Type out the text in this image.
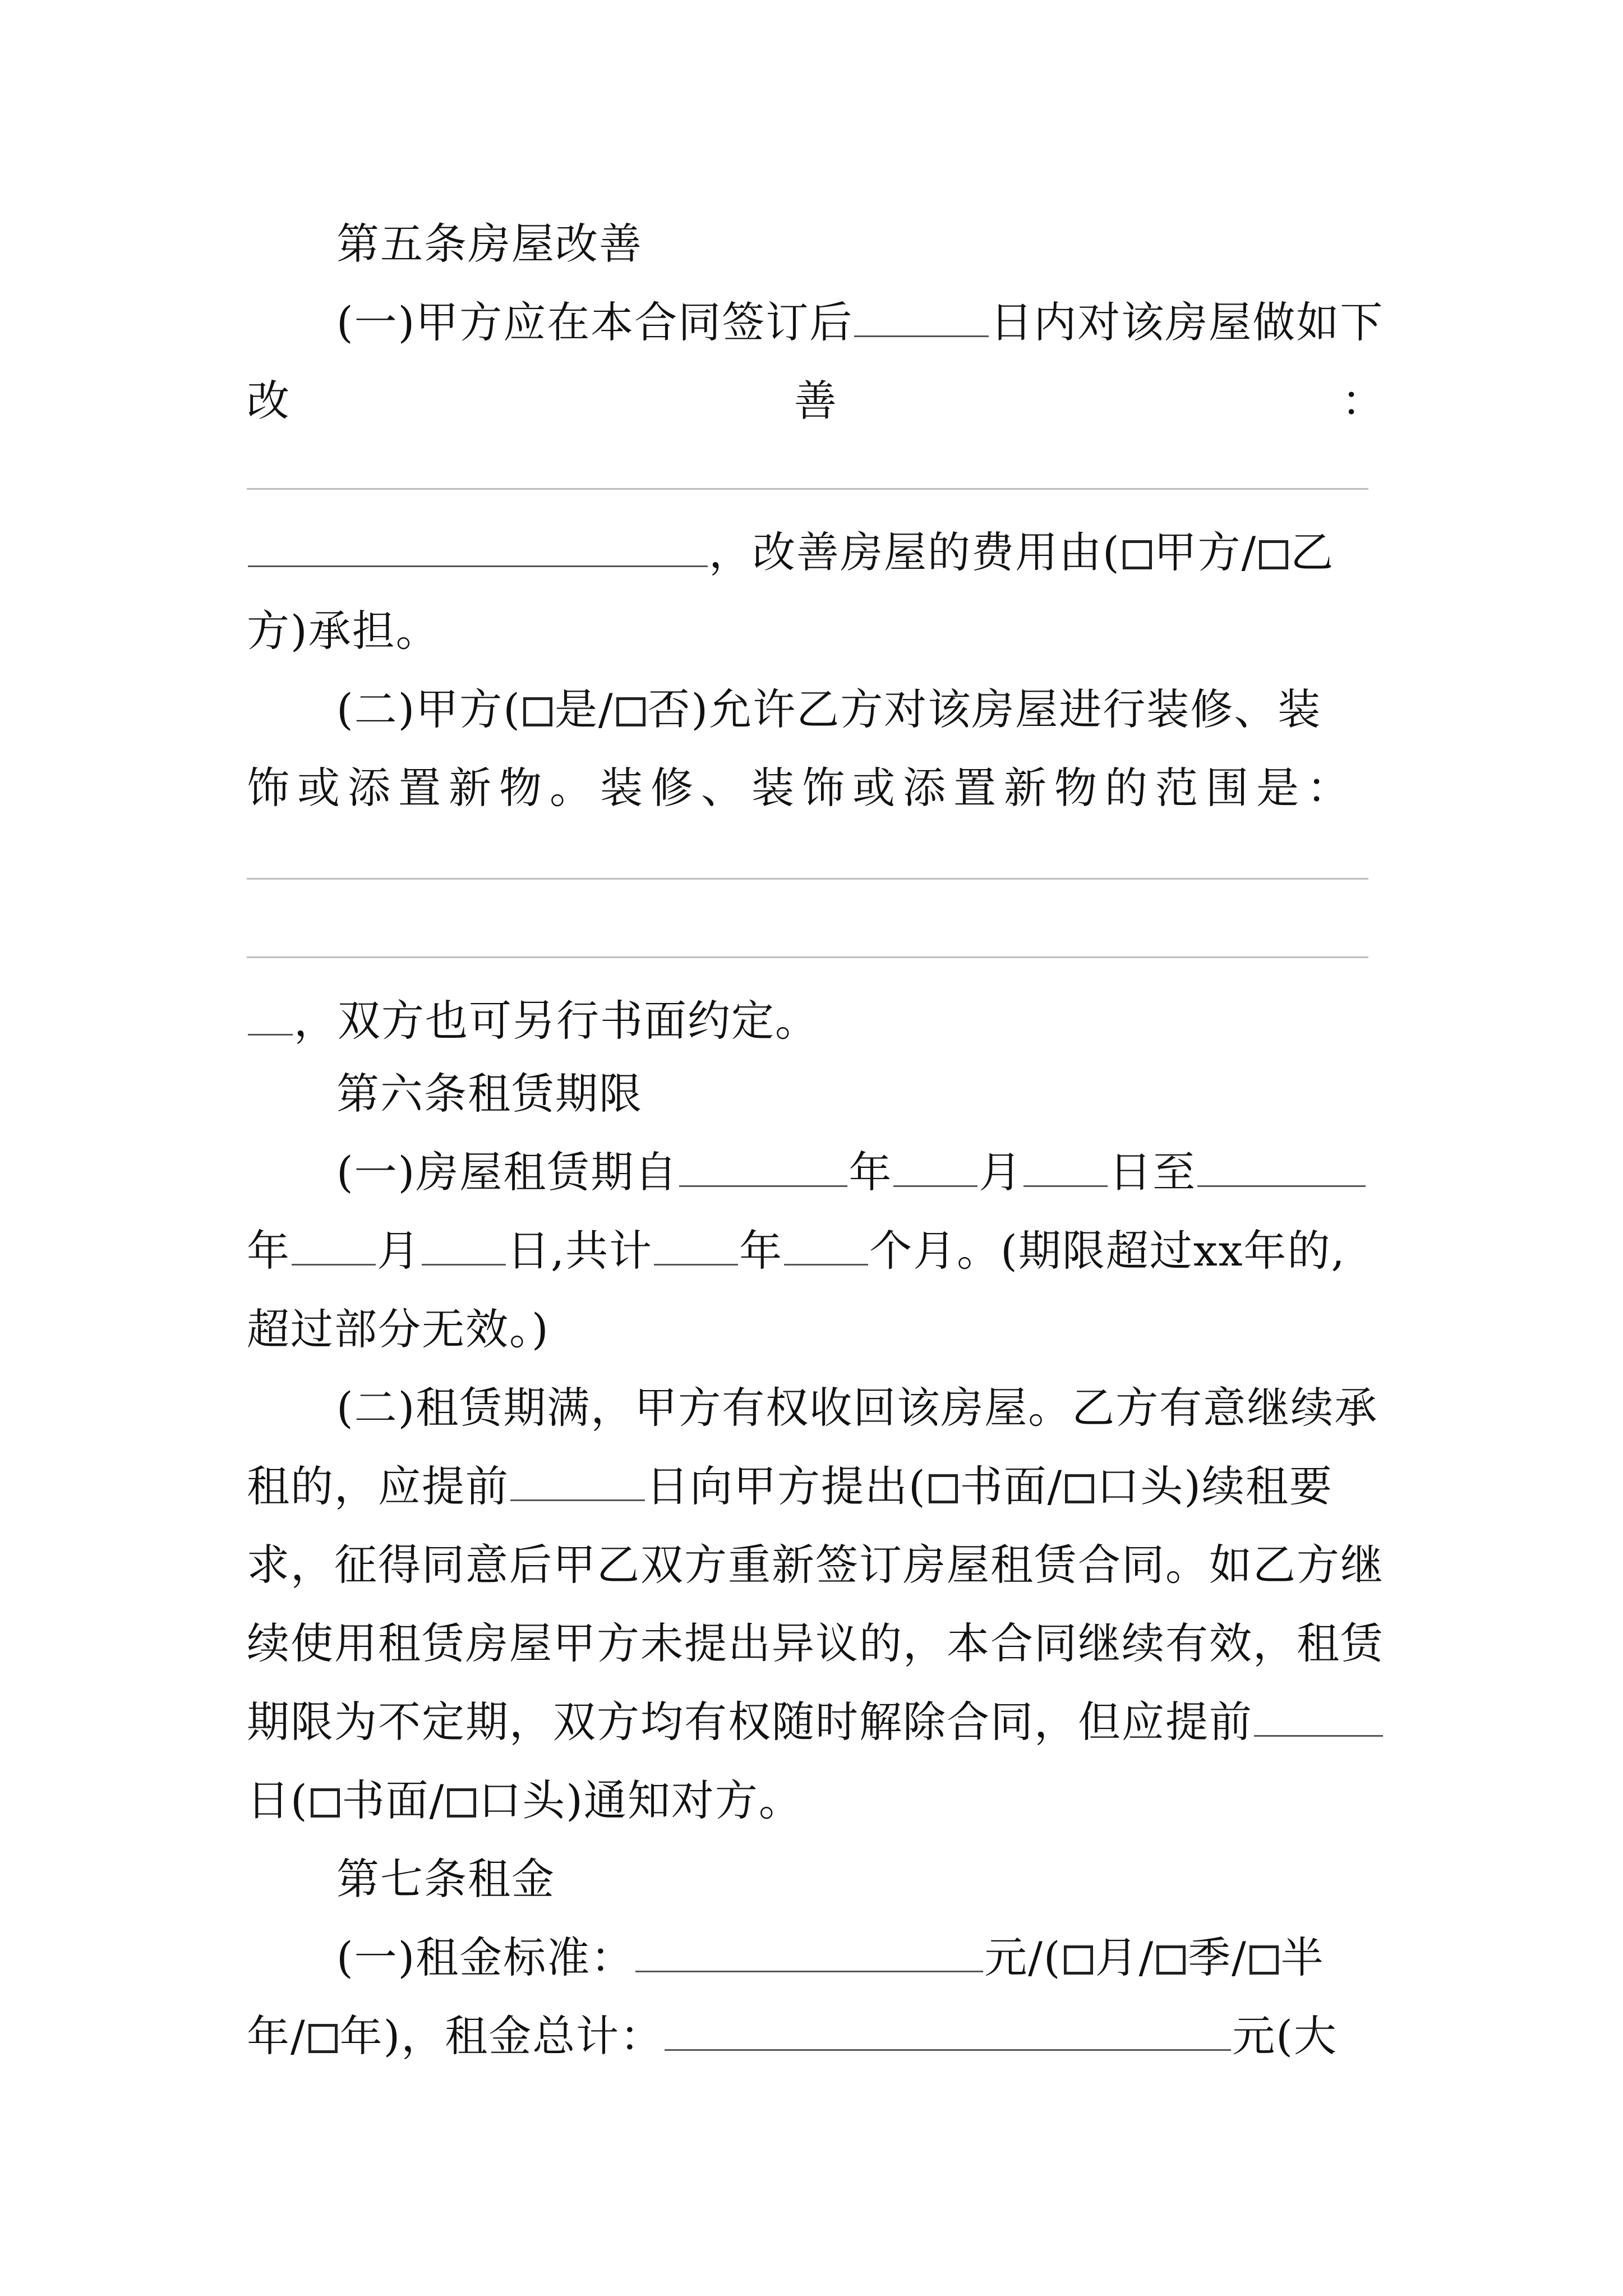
第五条房屋改善
(一)甲方应在本合同签订后	日内对该房屋做如下
改	善	：
，改善房屋的费用由( 甲方/ 乙
方)承担。
(二)甲方( 是/ 否)允许乙方对该房屋进行装修、装
饰或添置新物。装修、装饰或添置新物的范围是：
，双方也可另行书面约定。
第六条租赁期限
(一)房屋租赁期自	年 月 日至
年 月 日,共计 年 个月。(期限超过xx年的,
超过部分无效。)
(二)租赁期满，甲方有权收回该房屋。乙方有意继续承
租的，应提前	日向甲方提出( 书面/ 口头)续租要
求，征得同意后甲乙双方重新签订房屋租赁合同。如乙方继
续使用租赁房屋甲方未提出异议的，本合同继续有效，租赁
期限为不定期，双方均有权随时解除合同，但应提前
日( 书面/ 口头)通知对方。
第七条租金
(一)租金标准：	元/( 月/ 季/ 半
年/ 年)，租金总计：	元(大
